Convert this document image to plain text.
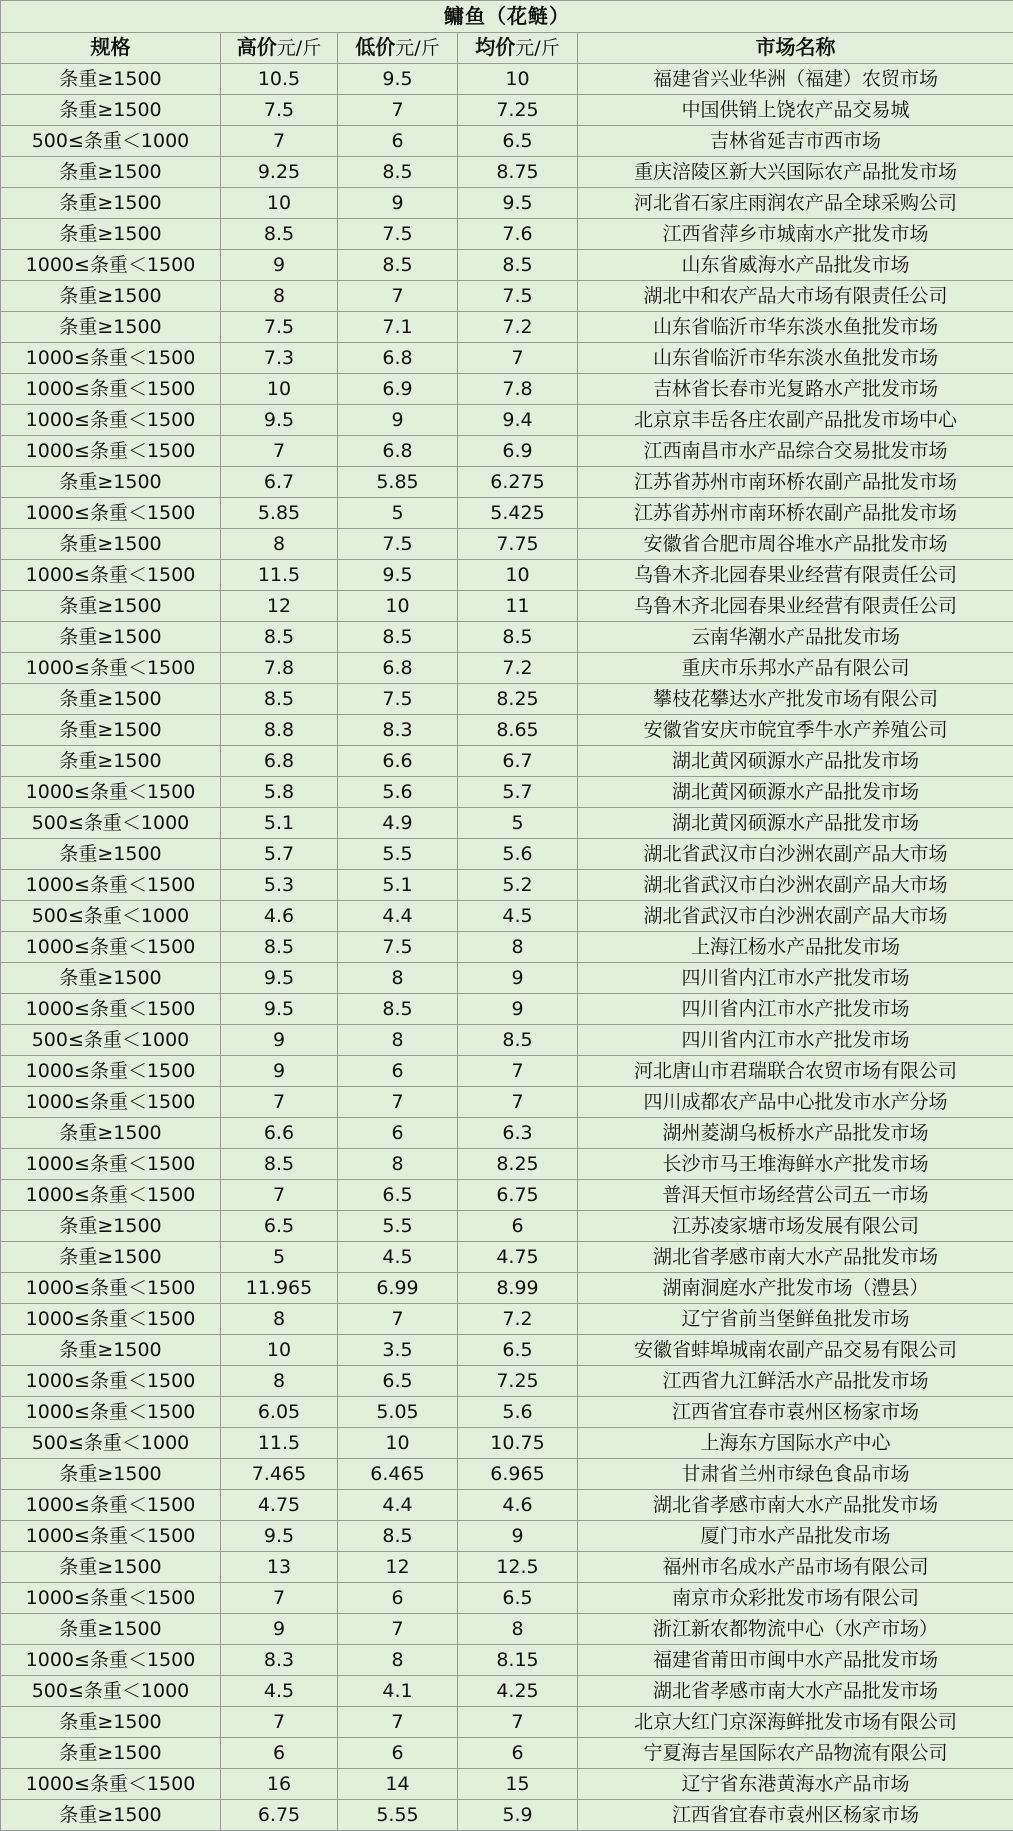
鳙鱼（花鲢）				
规格	高价元/斤	低价元/斤	均价元/斤	市场名称
条重≥1500	10.5	9.5	10	福建省兴业华洲（福建）农贸市场
条重≥1500	7.5	7	7.25	中国供销上饶农产品交易城
500≤条重＜1000	7	6	6.5	吉林省延吉市西市场
条重≥1500	9.25	8.5	8.75	重庆涪陵区新大兴国际农产品批发市场
条重≥1500	10	9	9.5	河北省石家庄雨润农产品全球采购公司
条重≥1500	8.5	7.5	7.6	江西省萍乡市城南水产批发市场
1000≤条重＜1500	9	8.5	8.5	山东省威海水产品批发市场
条重≥1500	8	7	7.5	湖北中和农产品大市场有限责任公司
条重≥1500	7.5	7.1	7.2	山东省临沂市华东淡水鱼批发市场
1000≤条重＜1500	7.3	6.8	7	山东省临沂市华东淡水鱼批发市场
1000≤条重＜1500	10	6.9	7.8	吉林省长春市光复路水产批发市场
1000≤条重＜1500	9.5	9	9.4	北京京丰岳各庄农副产品批发市场中心
1000≤条重＜1500	7	6.8	6.9	江西南昌市水产品综合交易批发市场
条重≥1500	6.7	5.85	6.275	江苏省苏州市南环桥农副产品批发市场
1000≤条重＜1500	5.85	5	5.425	江苏省苏州市南环桥农副产品批发市场
条重≥1500	8	7.5	7.75	安徽省合肥市周谷堆水产品批发市场
1000≤条重＜1500	11.5	9.5	10	乌鲁木齐北园春果业经营有限责任公司
条重≥1500	12	10	11	乌鲁木齐北园春果业经营有限责任公司
条重≥1500	8.5	8.5	8.5	云南华潮水产品批发市场
1000≤条重＜1500	7.8	6.8	7.2	重庆市乐邦水产品有限公司
条重≥1500	8.5	7.5	8.25	攀枝花攀达水产批发市场有限公司
条重≥1500	8.8	8.3	8.65	安徽省安庆市皖宜季牛水产养殖公司
条重≥1500	6.8	6.6	6.7	湖北黄冈硕源水产品批发市场
1000≤条重＜1500	5.8	5.6	5.7	湖北黄冈硕源水产品批发市场
500≤条重＜1000	5.1	4.9	5	湖北黄冈硕源水产品批发市场
条重≥1500	5.7	5.5	5.6	湖北省武汉市白沙洲农副产品大市场
1000≤条重＜1500	5.3	5.1	5.2	湖北省武汉市白沙洲农副产品大市场
500≤条重＜1000	4.6	4.4	4.5	湖北省武汉市白沙洲农副产品大市场
1000≤条重＜1500	8.5	7.5	8	上海江杨水产品批发市场
条重≥1500	9.5	8	9	四川省内江市水产批发市场
1000≤条重＜1500	9.5	8.5	9	四川省内江市水产批发市场
500≤条重＜1000	9	8	8.5	四川省内江市水产批发市场
1000≤条重＜1500	9	6	7	河北唐山市君瑞联合农贸市场有限公司
1000≤条重＜1500	7	7	7	四川成都农产品中心批发市水产分场
条重≥1500	6.6	6	6.3	湖州菱湖乌板桥水产品批发市场
1000≤条重＜1500	8.5	8	8.25	长沙市马王堆海鲜水产批发市场
1000≤条重＜1500	7	6.5	6.75	普洱天恒市场经营公司五一市场
条重≥1500	6.5	5.5	6	江苏凌家塘市场发展有限公司
条重≥1500	5	4.5	4.75	湖北省孝感市南大水产品批发市场
1000≤条重＜1500	11.965	6.99	8.99	湖南洞庭水产批发市场（澧县）
1000≤条重＜1500	8	7	7.2	辽宁省前当堡鲜鱼批发市场
条重≥1500	10	3.5	6.5	安徽省蚌埠城南农副产品交易有限公司
1000≤条重＜1500	8	6.5	7.25	江西省九江鲜活水产品批发市场
1000≤条重＜1500	6.05	5.05	5.6	江西省宜春市袁州区杨家市场
500≤条重＜1000	11.5	10	10.75	上海东方国际水产中心
条重≥1500	7.465	6.465	6.965	甘肃省兰州市绿色食品市场
1000≤条重＜1500	4.75	4.4	4.6	湖北省孝感市南大水产品批发市场
1000≤条重＜1500	9.5	8.5	9	厦门市水产品批发市场
条重≥1500	13	12	12.5	福州市名成水产品市场有限公司
1000≤条重＜1500	7	6	6.5	南京市众彩批发市场有限公司
条重≥1500	9	7	8	浙江新农都物流中心（水产市场）
1000≤条重＜1500	8.3	8	8.15	福建省莆田市闽中水产品批发市场
500≤条重＜1000	4.5	4.1	4.25	湖北省孝感市南大水产品批发市场
条重≥1500	7	7	7	北京大红门京深海鲜批发市场有限公司
条重≥1500	6	6	6	宁夏海吉星国际农产品物流有限公司
1000≤条重＜1500	16	14	15	辽宁省东港黄海水产品市场
条重≥1500	6.75	5.55	5.9	江西省宜春市袁州区杨家市场
